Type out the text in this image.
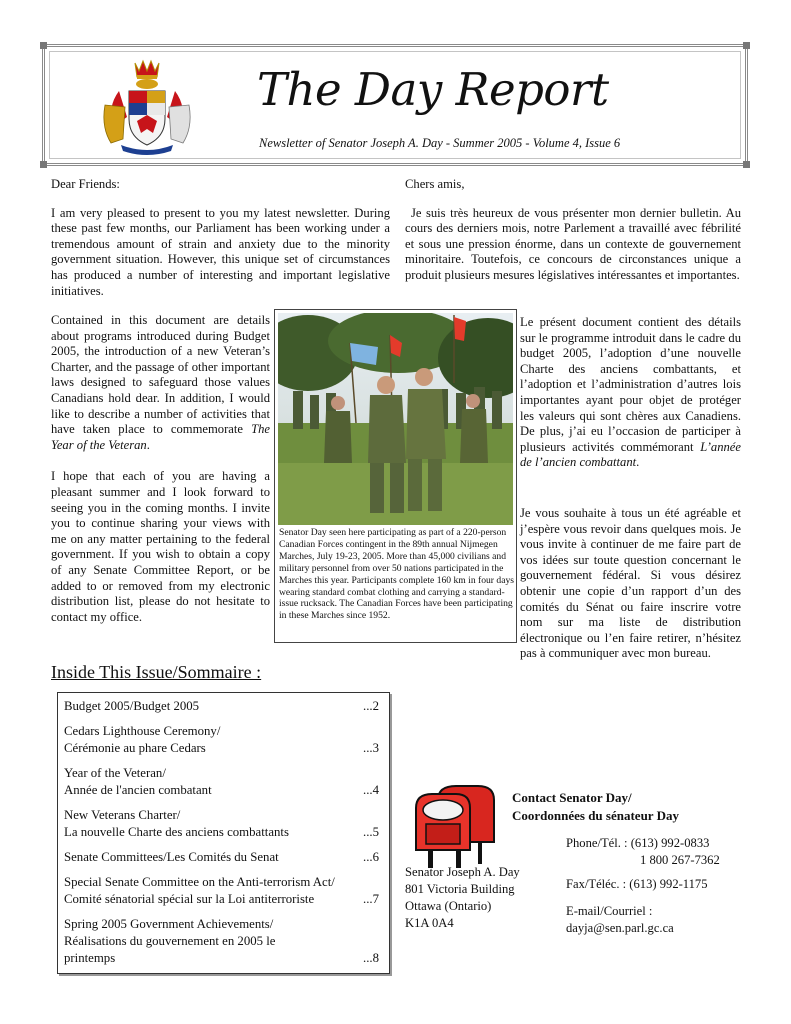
The Day Report
Newsletter of Senator Joseph A. Day - Summer 2005 - Volume 4, Issue 6

Dear Friends:

I am very pleased to present to you my latest newsletter. During these past few months, our Parliament has been working under a tremendous amount of strain and anxiety due to the minority government situation. However, this unique set of circumstances has produced a number of interesting and important legislative initiatives.

Contained in this document are details about programs introduced during Budget 2005, the introduction of a new Veteran’s Charter, and the passage of other important laws designed to safeguard those values Canadians hold dear. In addition, I would like to describe a number of activities that have taken place to commemorate The Year of the Veteran.

I hope that each of you are having a pleasant summer and I look forward to seeing you in the coming months. I invite you to continue sharing your views with me on any matter pertaining to the federal government. If you wish to obtain a copy of any Senate Committee Report, or be added to or removed from my electronic distribution list, please do not hesitate to contact my office.

Chers amis,

Je suis très heureux de vous présenter mon dernier bulletin. Au cours des derniers mois, notre Parlement a travaillé avec fébrilité et sous une pression énorme, dans un contexte de gouvernement minoritaire. Toutefois, ce concours de circonstances unique a produit plusieurs mesures législatives intéressantes et importantes.

Le présent document contient des détails sur le programme introduit dans le cadre du budget 2005, l’adoption d’une nouvelle Charte des anciens combattants, et l’adoption et l’administration d’autres lois importantes ayant pour objet de protéger les valeurs qui sont chères aux Canadiens. De plus, j’ai eu l’occasion de participer à plusieurs activités commémorant L’année de l’ancien combattant.

Je vous souhaite à tous un été agréable et j’espère vous revoir dans quelques mois. Je vous invite à continuer de me faire part de vos idées sur toute question concernant le gouvernement fédéral. Si vous désirez obtenir une copie d’un rapport d’un des comités du Sénat ou faire inscrire votre nom sur ma liste de distribution électronique ou l’en faire retirer, n’hésitez pas à communiquer avec mon bureau.

Senator Day seen here participating as part of a 220-person Canadian Forces contingent in the 89th annual Nijmegen Marches, July 19-23, 2005. More than 45,000 civilians and military personnel from over 50 nations participated in the Marches this year. Participants complete 160 km in four days wearing standard combat clothing and carrying a standard-issue rucksack. The Canadian Forces have been participating in these Marches since 1952.
Inside This Issue/Sommaire :
Budget 2005/Budget 2005	...2
Cedars Lighthouse Ceremony/
Cérémonie au phare Cedars	...3
Year of the Veteran/
Année de l'ancien combatant	...4
New Veterans Charter/
La nouvelle Charte des anciens combattants	...5
Senate Committees/Les Comités du Senat	...6
Special Senate Committee on the Anti-terrorism Act/
Comité sénatorial spécial sur la Loi antiterroriste	...7
Spring 2005 Government Achievements/
Réalisations du gouvernement en 2005 le
printemps	...8
Contact Senator Day/
Coordonnées du sénateur Day
Senator Joseph A. Day
801 Victoria Building
Ottawa (Ontario)
K1A 0A4
Phone/Tél. : (613) 992-0833
1 800 267-7362
Fax/Téléc. : (613) 992-1175
E-mail/Courriel :
dayja@sen.parl.gc.ca
